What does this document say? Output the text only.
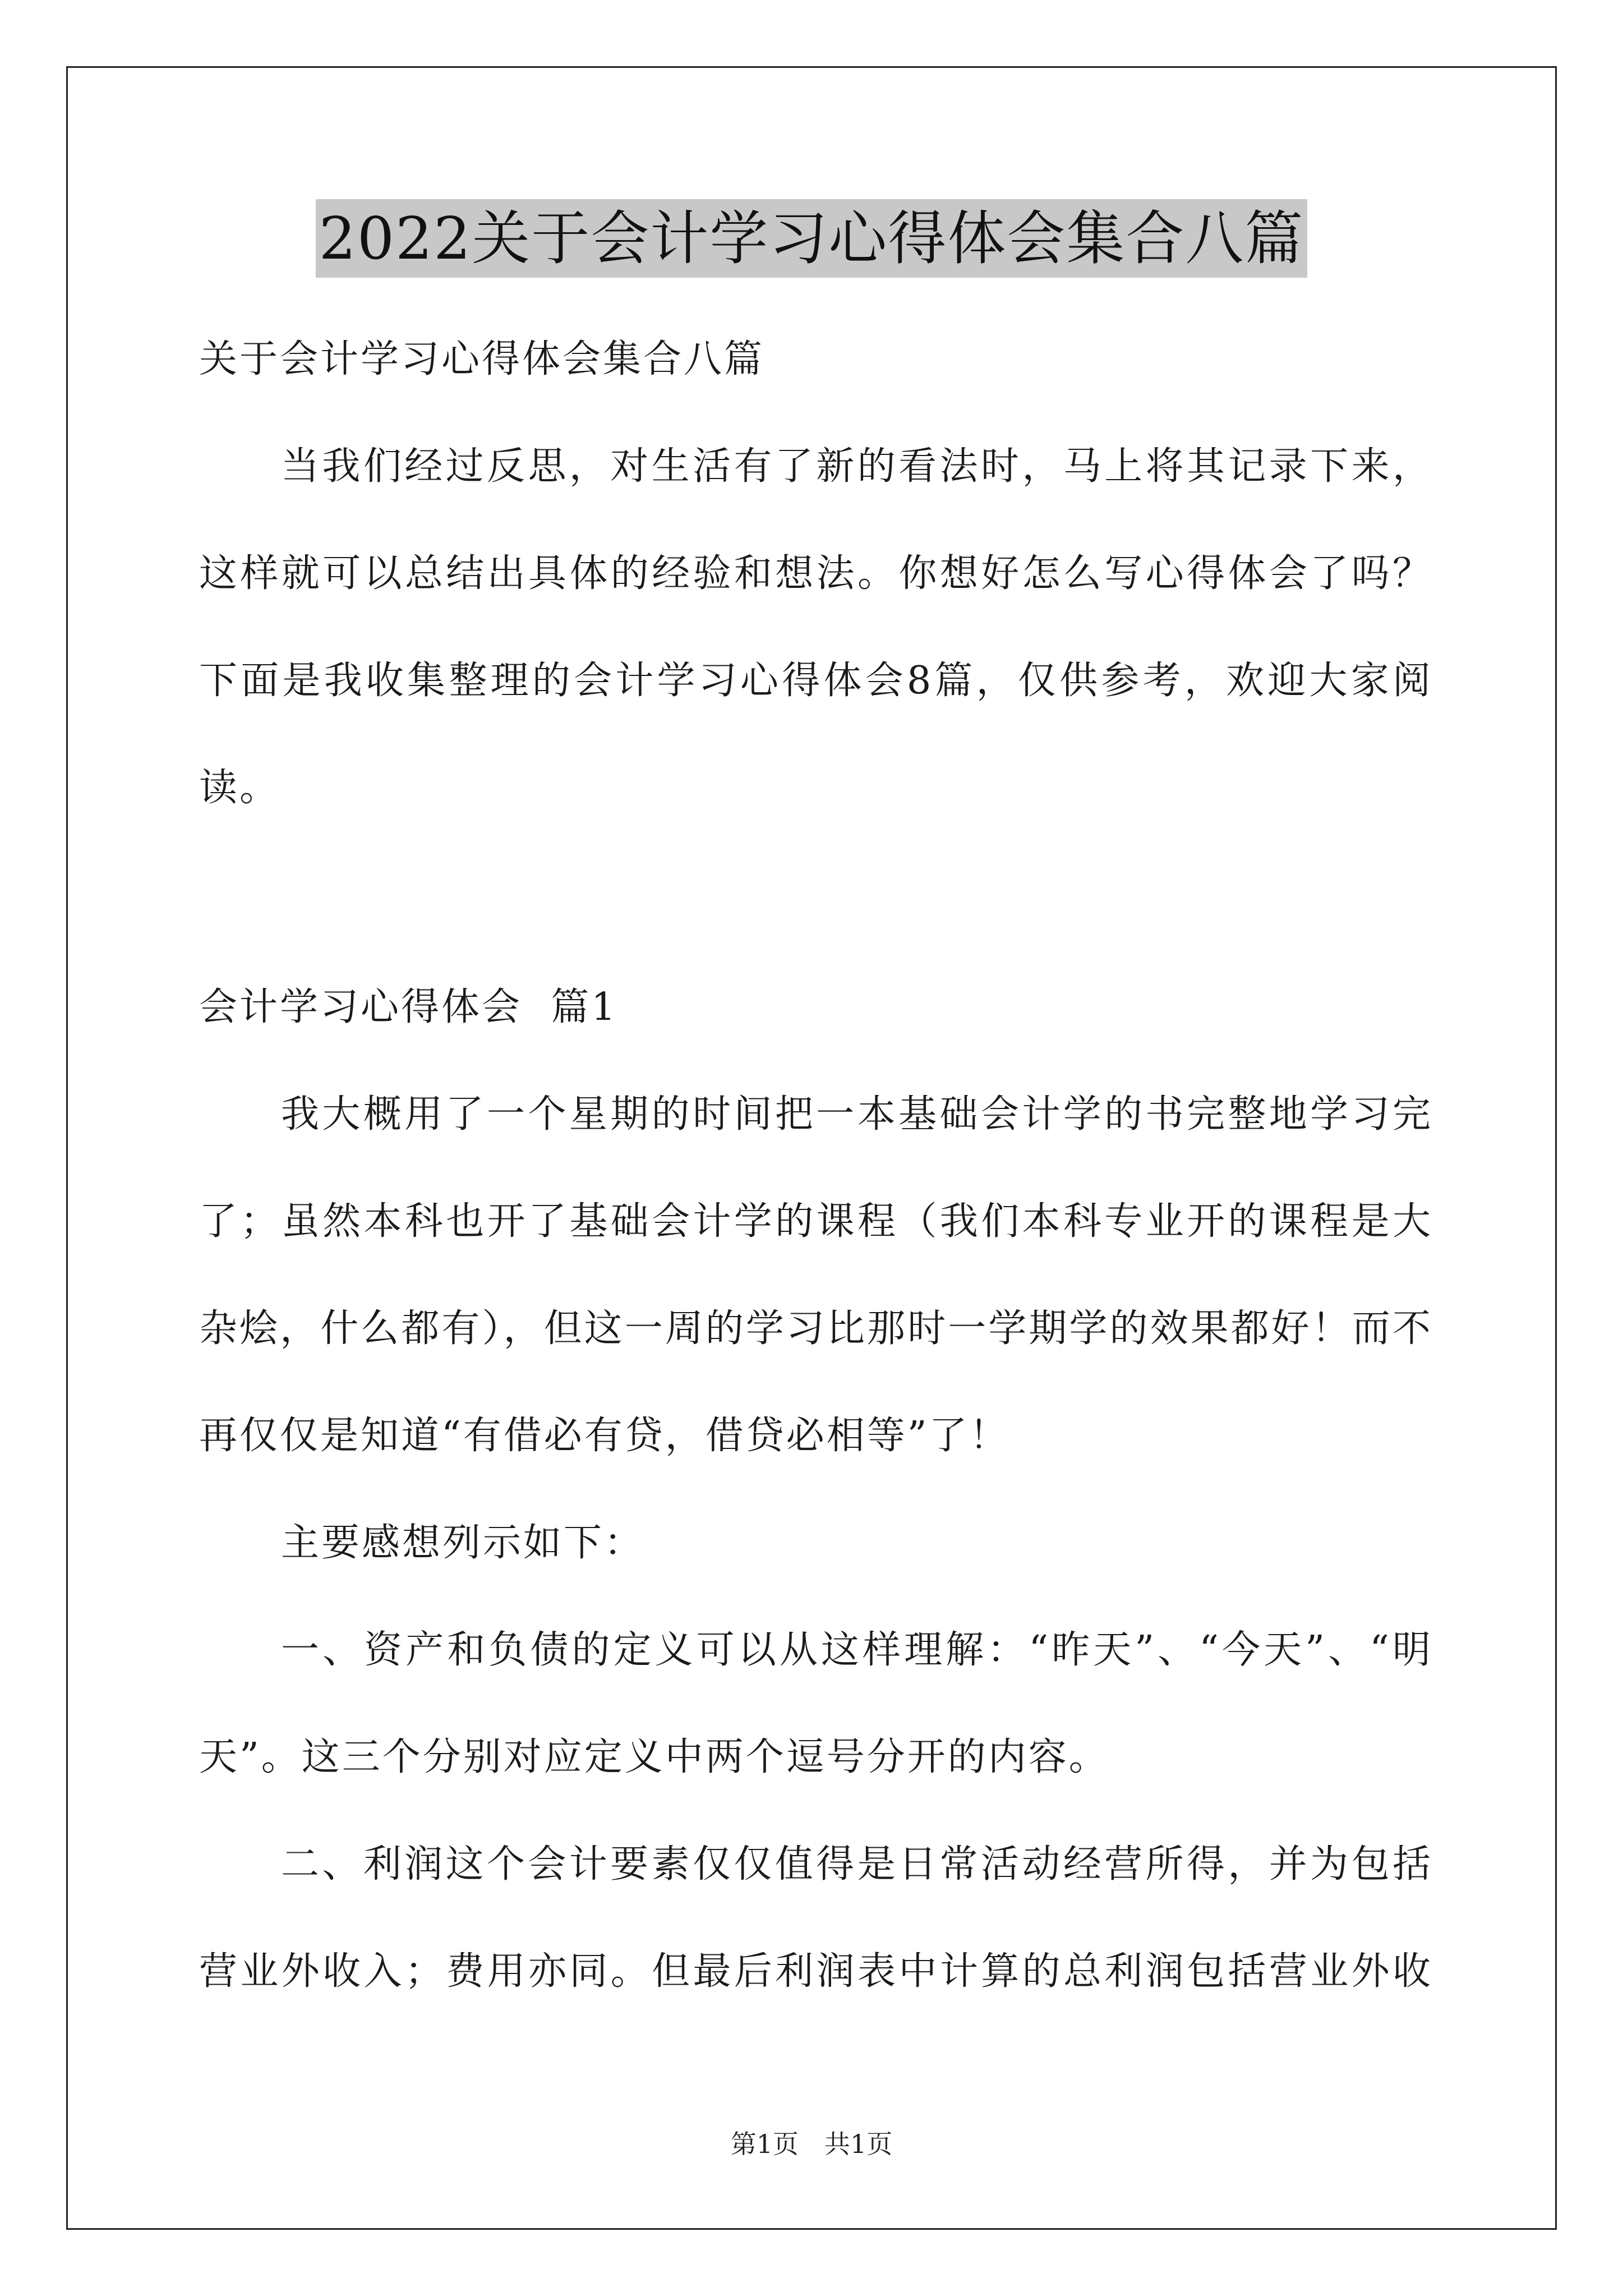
2022关于会计学习心得体会集合八篇
关于会计学习心得体会集合八篇
当我们经过反思，对生活有了新的看法时，马上将其记录下来，
这样就可以总结出具体的经验和想法。你想好怎么写心得体会了吗？
下面是我收集整理的会计学习心得体会8篇，仅供参考，欢迎大家阅
读。
会计学习心得体会  篇1
我大概用了一个星期的时间把一本基础会计学的书完整地学习完
了；虽然本科也开了基础会计学的课程（我们本科专业开的课程是大
杂烩，什么都有），但这一周的学习比那时一学期学的效果都好！而不
再仅仅是知道“有借必有贷，借贷必相等”了！
主要感想列示如下：
一、资产和负债的定义可以从这样理解：“昨天”、“今天”、“明
天”。这三个分别对应定义中两个逗号分开的内容。
二、利润这个会计要素仅仅值得是日常活动经营所得，并为包括
营业外收入；费用亦同。但最后利润表中计算的总利润包括营业外收
第1页 共1页
